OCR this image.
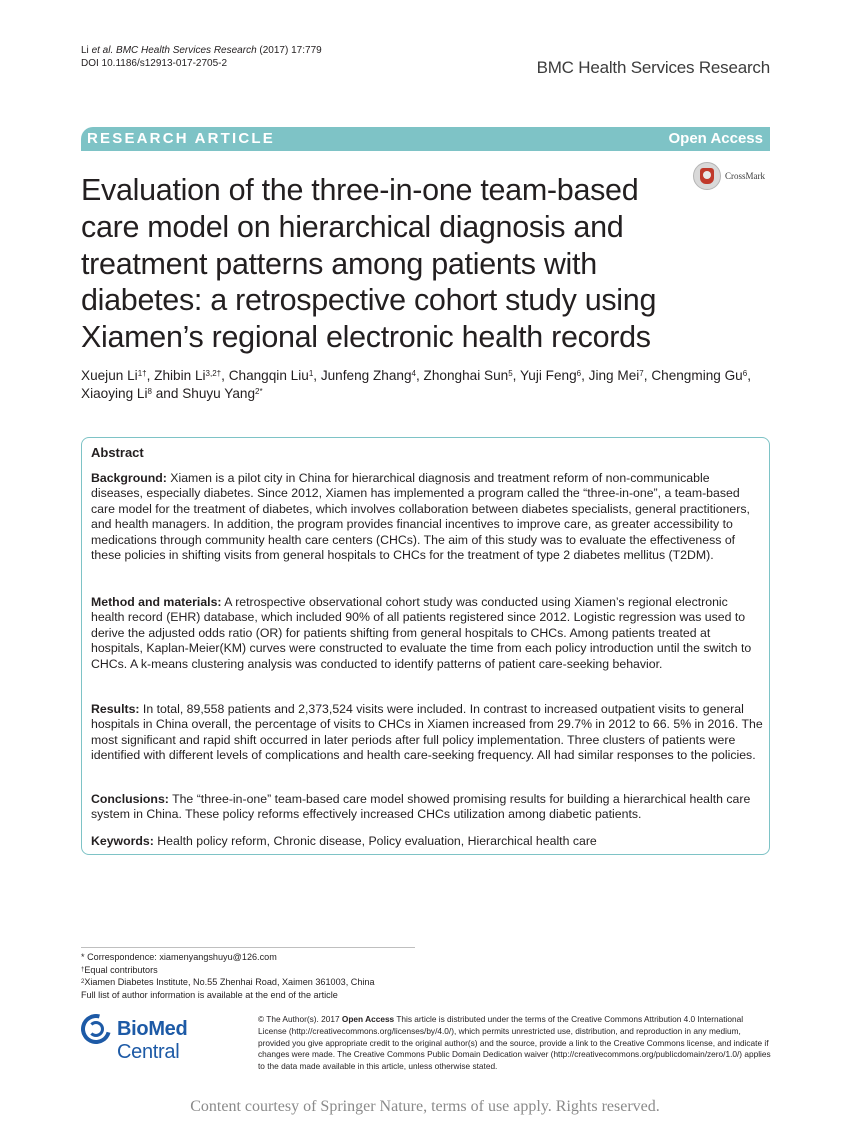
Li et al. BMC Health Services Research (2017) 17:779
DOI 10.1186/s12913-017-2705-2	BMC Health Services Research
RESEARCH ARTICLE	Open Access
CrossMark
Evaluation of the three-in-one team-based care model on hierarchical diagnosis and treatment patterns among patients with diabetes: a retrospective cohort study using Xiamen’s regional electronic health records
Xuejun $Li^{1\dagger}$, Zhibin $Li^{3,2\dagger}$, Changqin Liu$^1$, Junfeng Zhang$^4$, Zhonghai Sun$^5$, Yuji Feng$^6$, Jing Mei$^7$, Chengming Gu$^6$, Xiaoying Li$^8$ and Shuyu Yang$^{2*}$
Abstract
Background: Xiamen is a pilot city in China for hierarchical diagnosis and treatment reform of non-communicable diseases, especially diabetes. Since 2012, Xiamen has implemented a program called the “three-in-one”, a team-based care model for the treatment of diabetes, which involves collaboration between diabetes specialists, general practitioners, and health managers. In addition, the program provides financial incentives to improve care, as greater accessibility to medications through community health care centers (CHCs). The aim of this study was to evaluate the effectiveness of these policies in shifting visits from general hospitals to CHCs for the treatment of type 2 diabetes mellitus (T2DM).
Method and materials: A retrospective observational cohort study was conducted using Xiamen’s regional electronic health record (EHR) database, which included 90% of all patients registered since 2012. Logistic regression was used to derive the adjusted odds ratio (OR) for patients shifting from general hospitals to CHCs. Among patients treated at hospitals, Kaplan-Meier(KM) curves were constructed to evaluate the time from each policy introduction until the switch to CHCs. A k-means clustering analysis was conducted to identify patterns of patient care-seeking behavior.
Results: In total, 89,558 patients and 2,373,524 visits were included. In contrast to increased outpatient visits to general hospitals in China overall, the percentage of visits to CHCs in Xiamen increased from 29.7% in 2012 to 66. 5% in 2016. The most significant and rapid shift occurred in later periods after full policy implementation. Three clusters of patients were identified with different levels of complications and health care-seeking frequency. All had similar responses to the policies.
Conclusions: The “three-in-one” team-based care model showed promising results for building a hierarchical health care system in China. These policy reforms effectively increased CHCs utilization among diabetic patients.
Keywords: Health policy reform, Chronic disease, Policy evaluation, Hierarchical health care
* Correspondence: xiamenyangshuyu@126.com
†Equal contributors
$^2$Xiamen Diabetes Institute, No.55 Zhenhai Road, Xaimen 361003, China
Full list of author information is available at the end of the article
BioMed Central
© The Author(s). 2017 Open Access This article is distributed under the terms of the Creative Commons Attribution 4.0 International License (http://creativecommons.org/licenses/by/4.0/), which permits unrestricted use, distribution, and reproduction in any medium, provided you give appropriate credit to the original author(s) and the source, provide a link to the Creative Commons license, and indicate if changes were made. The Creative Commons Public Domain Dedication waiver (http://creativecommons.org/publicdomain/zero/1.0/) applies to the data made available in this article, unless otherwise stated.
Content courtesy of Springer Nature, terms of use apply. Rights reserved.
